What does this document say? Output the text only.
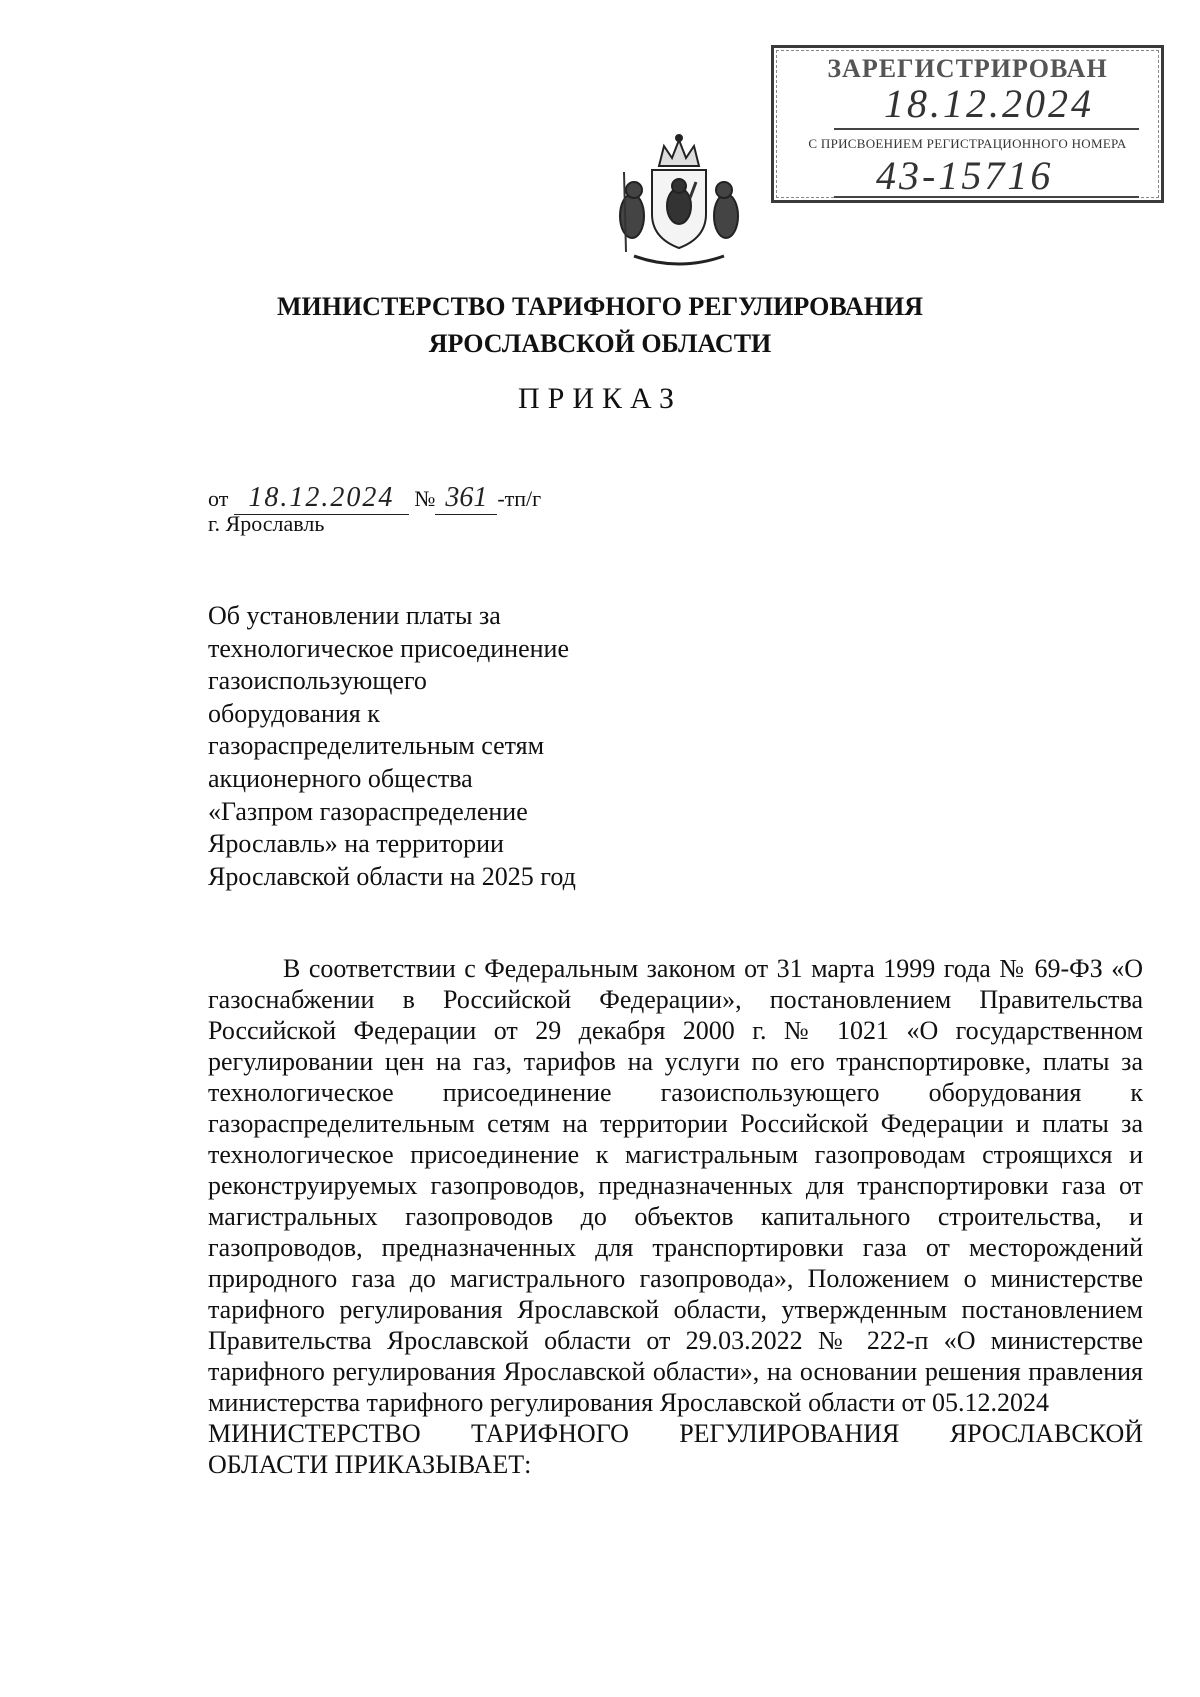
ЗАРЕГИСТРИРОВАН
18.12.2024
С ПРИСВОЕНИЕМ РЕГИСТРАЦИОННОГО НОМЕРА
43-15716
МИНИСТЕРСТВО ТАРИФНОГО РЕГУЛИРОВАНИЯ
ЯРОСЛАВСКОЙ ОБЛАСТИ
ПРИКАЗ
от 18.12.2024 № 361 -тп/г
г. Ярославль
Об установлении платы за
технологическое присоединение
газоиспользующего
оборудования к
газораспределительным сетям
акционерного общества
«Газпром газораспределение
Ярославль» на территории
Ярославской области на 2025 год
В соответствии с Федеральным законом от 31 марта 1999 года № 69-ФЗ «О газоснабжении в Российской Федерации», постановлением Правительства Российской Федерации от 29 декабря 2000 г. № 1021 «О государственном регулировании цен на газ, тарифов на услуги по его транспортировке, платы за технологическое присоединение газоиспользующего оборудования к газораспределительным сетям на территории Российской Федерации и платы за технологическое присоединение к магистральным газопроводам строящихся и реконструируемых газопроводов, предназначенных для транспортировки газа от магистральных газопроводов до объектов капитального строительства, и газопроводов, предназначенных для транспортировки газа от месторождений природного газа до магистрального газопровода», Положением о министерстве тарифного регулирования Ярославской области, утвержденным постановлением Правительства Ярославской области от 29.03.2022 № 222-п «О министерстве тарифного регулирования Ярославской области», на основании решения правления министерства тарифного регулирования Ярославской области от 05.12.2024
МИНИСТЕРСТВО ТАРИФНОГО РЕГУЛИРОВАНИЯ ЯРОСЛАВСКОЙ
ОБЛАСТИ ПРИКАЗЫВАЕТ:
